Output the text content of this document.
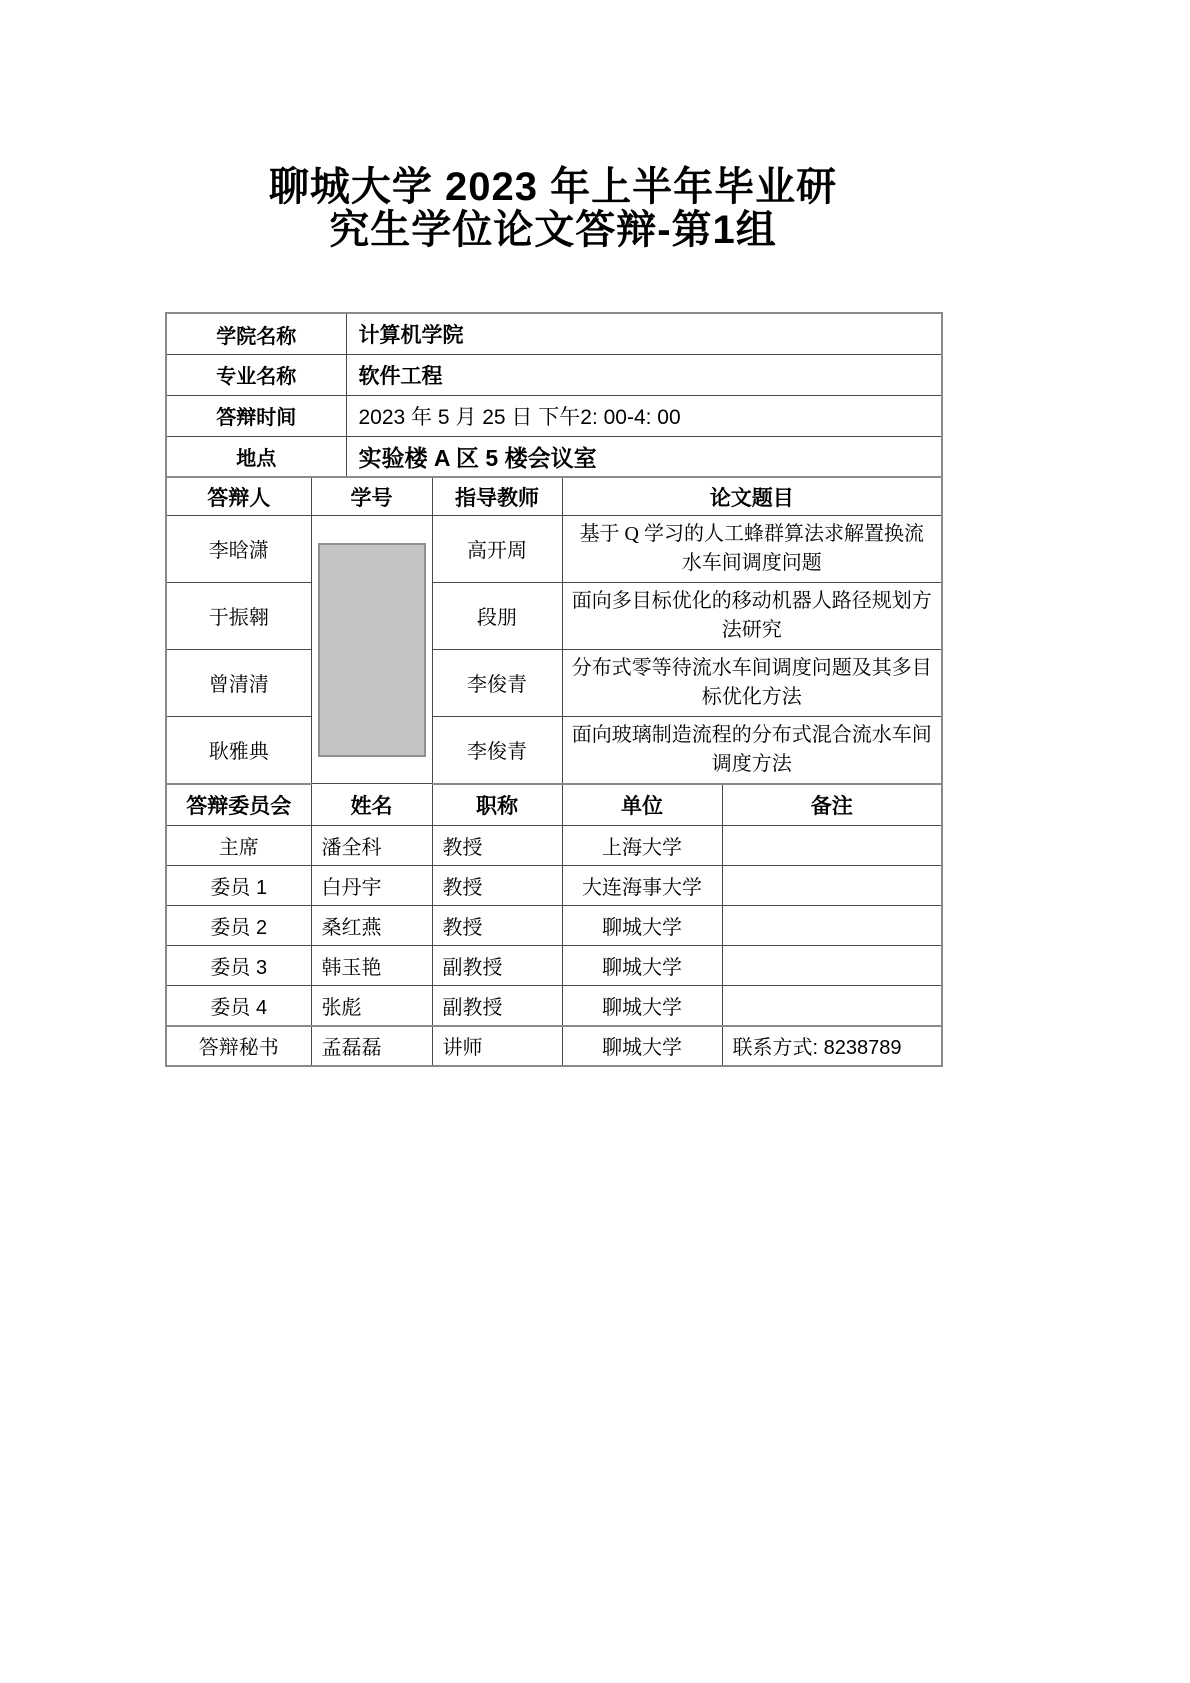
聊城大学 2023 年上半年毕业研
究生学位论文答辩-第1组
学院名称		计算机学院			
专业名称		软件工程			
答辩时间		2023 年 5 月 25 日 下午2: 00-4: 00			
地点		实验楼 A 区 5 楼会议室			
答辩人	学号		指导教师	论文题目	
李晗潇			高开周	基于 Q 学习的人工蜂群算法求解置换流水车间调度问题	
于振翱			段朋	面向多目标优化的移动机器人路径规划方法研究	
曾清清			李俊青	分布式零等待流水车间调度问题及其多目标优化方法	
耿雅典			李俊青	面向玻璃制造流程的分布式混合流水车间调度方法	
答辩委员会	姓名		职称	单位	备注
主席	潘全科		教授	上海大学	
委员 1	白丹宇		教授	大连海事大学	
委员 2	桑红燕		教授	聊城大学	
委员 3	韩玉艳		副教授	聊城大学	
委员 4	张彪		副教授	聊城大学	
答辩秘书	孟磊磊		讲师	聊城大学	联系方式: 8238789
